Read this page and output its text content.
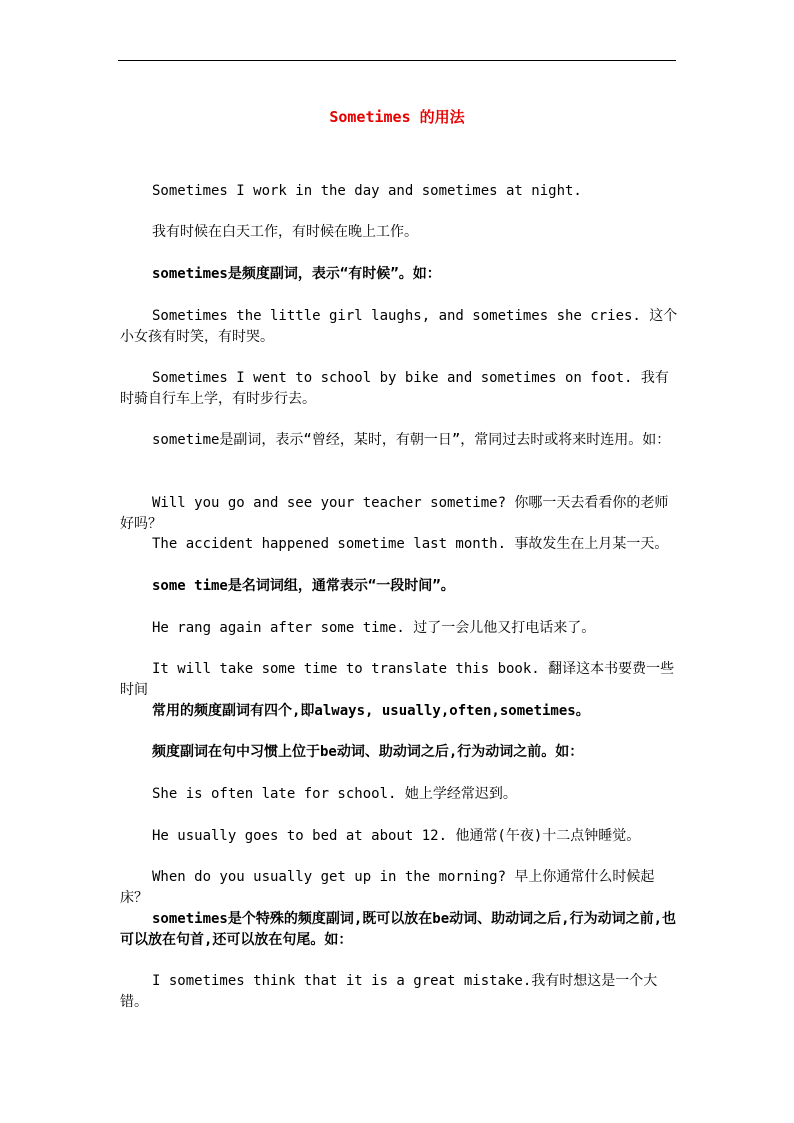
Sometimes 的用法
Sometimes I work in the day and sometimes at night.
我有时候在白天工作，有时候在晚上工作。
sometimes是频度副词，表示“有时候”。如：
Sometimes the little girl laughs, and sometimes she cries. 这个小女孩有时笑，有时哭。
Sometimes I went to school by bike and sometimes on foot. 我有时骑自行车上学，有时步行去。
sometime是副词，表示“曾经，某时，有朝一日”，常同过去时或将来时连用。如：
Will you go and see your teacher sometime? 你哪一天去看看你的老师好吗？
The accident happened sometime last month. 事故发生在上月某一天。
some time是名词词组，通常表示“一段时间”。
He rang again after some time. 过了一会儿他又打电话来了。
It will take some time to translate this book. 翻译这本书要费一些时间
常用的频度副词有四个,即always, usually,often,sometimes。
频度副词在句中习惯上位于be动词、助动词之后,行为动词之前。如：
She is often late for school. 她上学经常迟到。
He usually goes to bed at about 12. 他通常(午夜)十二点钟睡觉。
When do you usually get up in the morning? 早上你通常什么时候起床？
sometimes是个特殊的频度副词,既可以放在be动词、助动词之后,行为动词之前,也可以放在句首,还可以放在句尾。如：
I sometimes think that it is a great mistake.我有时想这是一个大错。
